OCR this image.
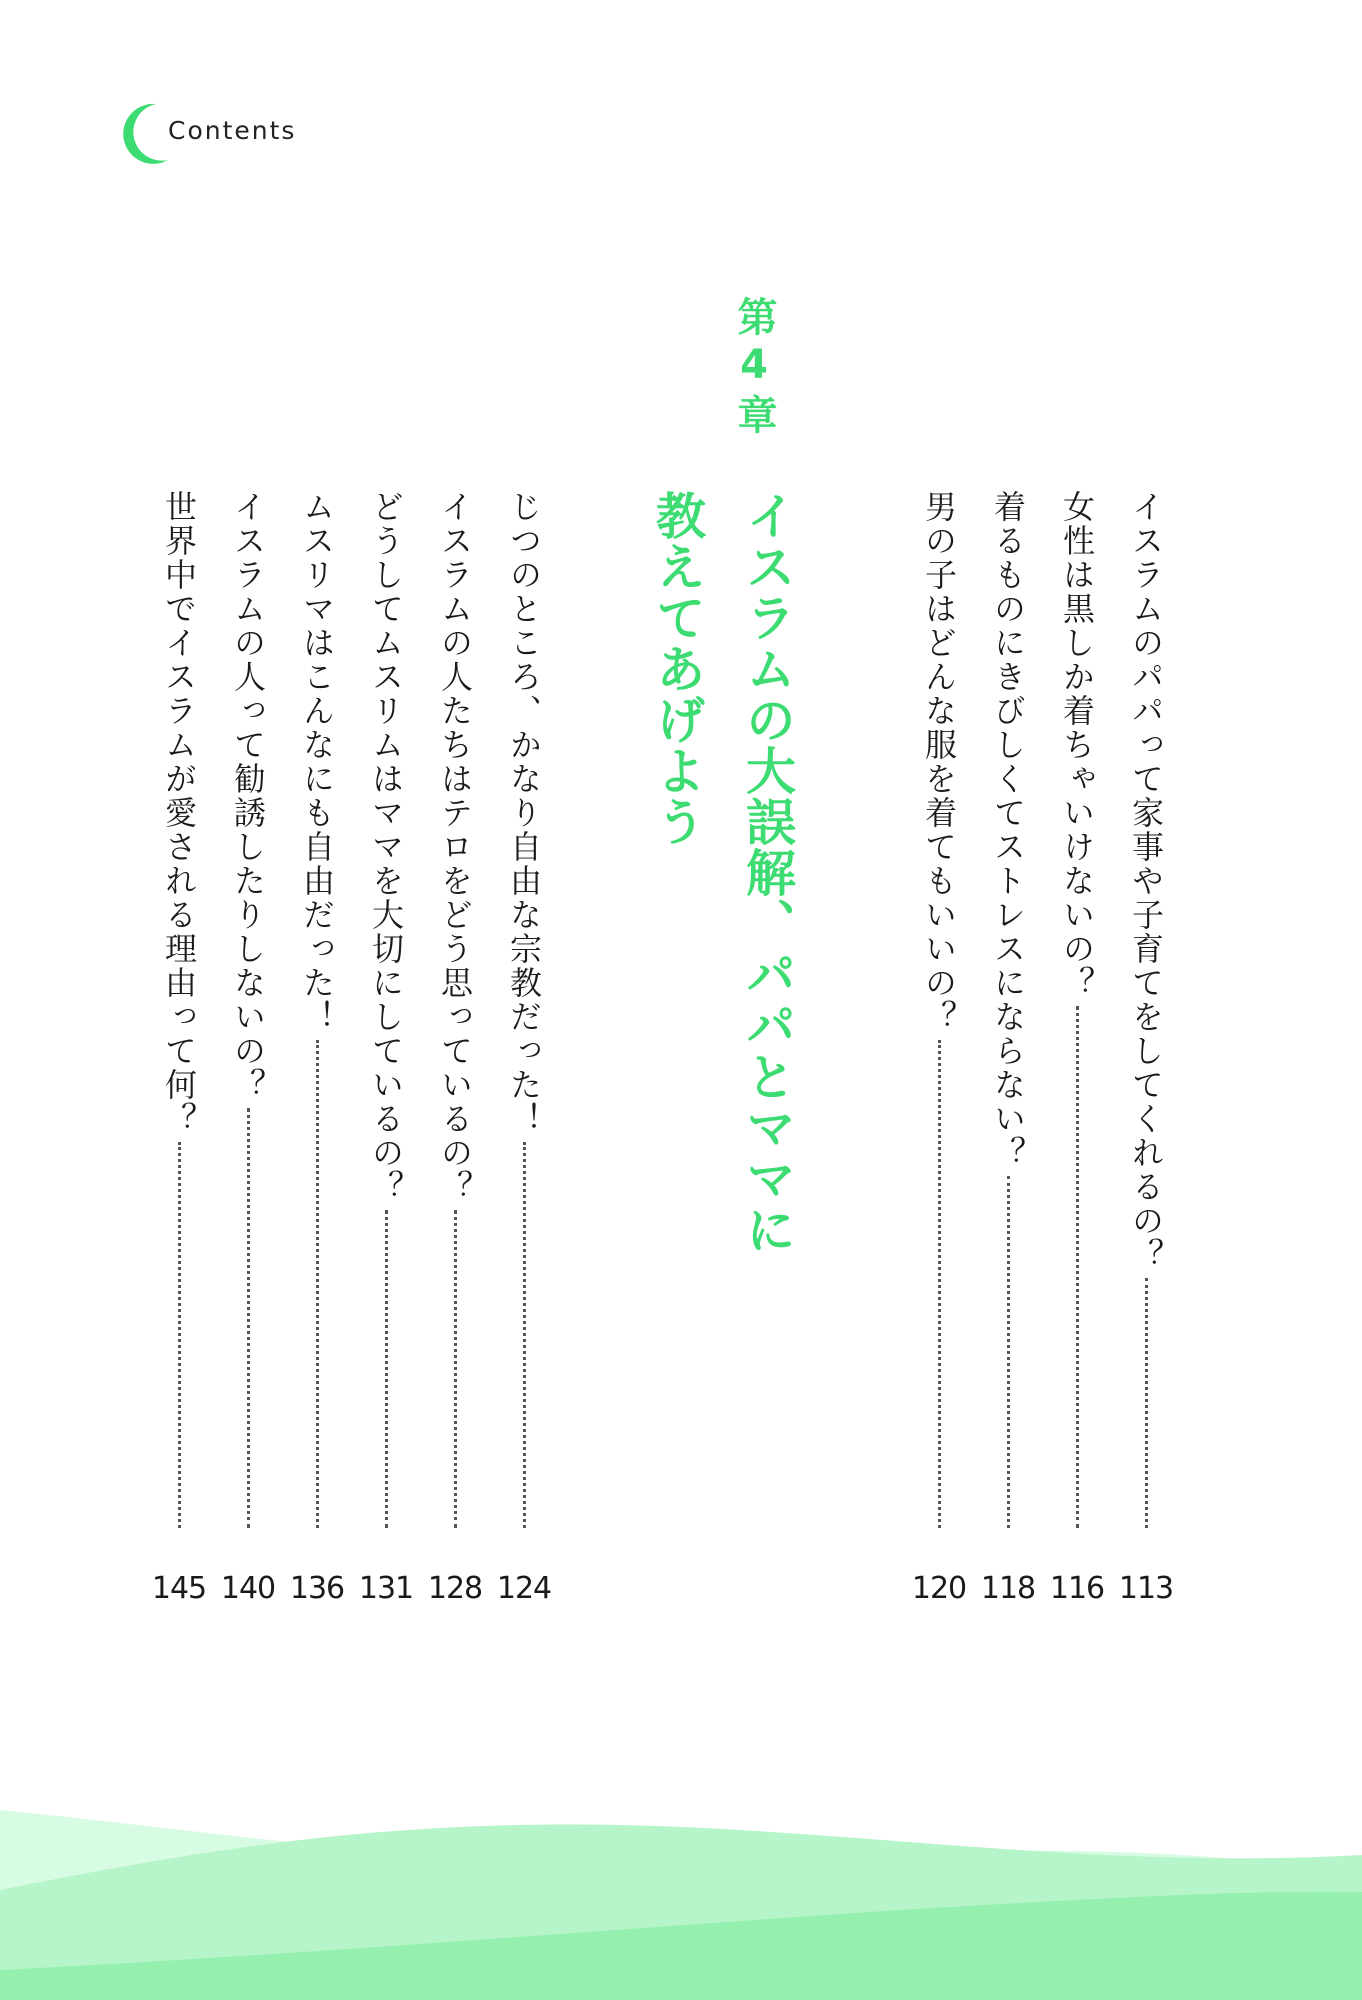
Contents
第4章
イスラムの大誤解、パパとママに教えてあげよう	イスラムのパパって家事や子育てをしてくれるの？
113
女性は黒しか着ちゃいけないの？
116
着るものにきびしくてストレスにならない？
118
男の子はどんな服を着てもいいの？
120
じつのところ、かなり自由な宗教だった！
124
イスラムの人たちはテロをどう思っているの？
128
どうしてムスリムはママを大切にしているの？
131
ムスリマはこんなにも自由だった！
136
イスラムの人って勧誘したりしないの？
140
世界中でイスラムが愛される理由って何？
145
